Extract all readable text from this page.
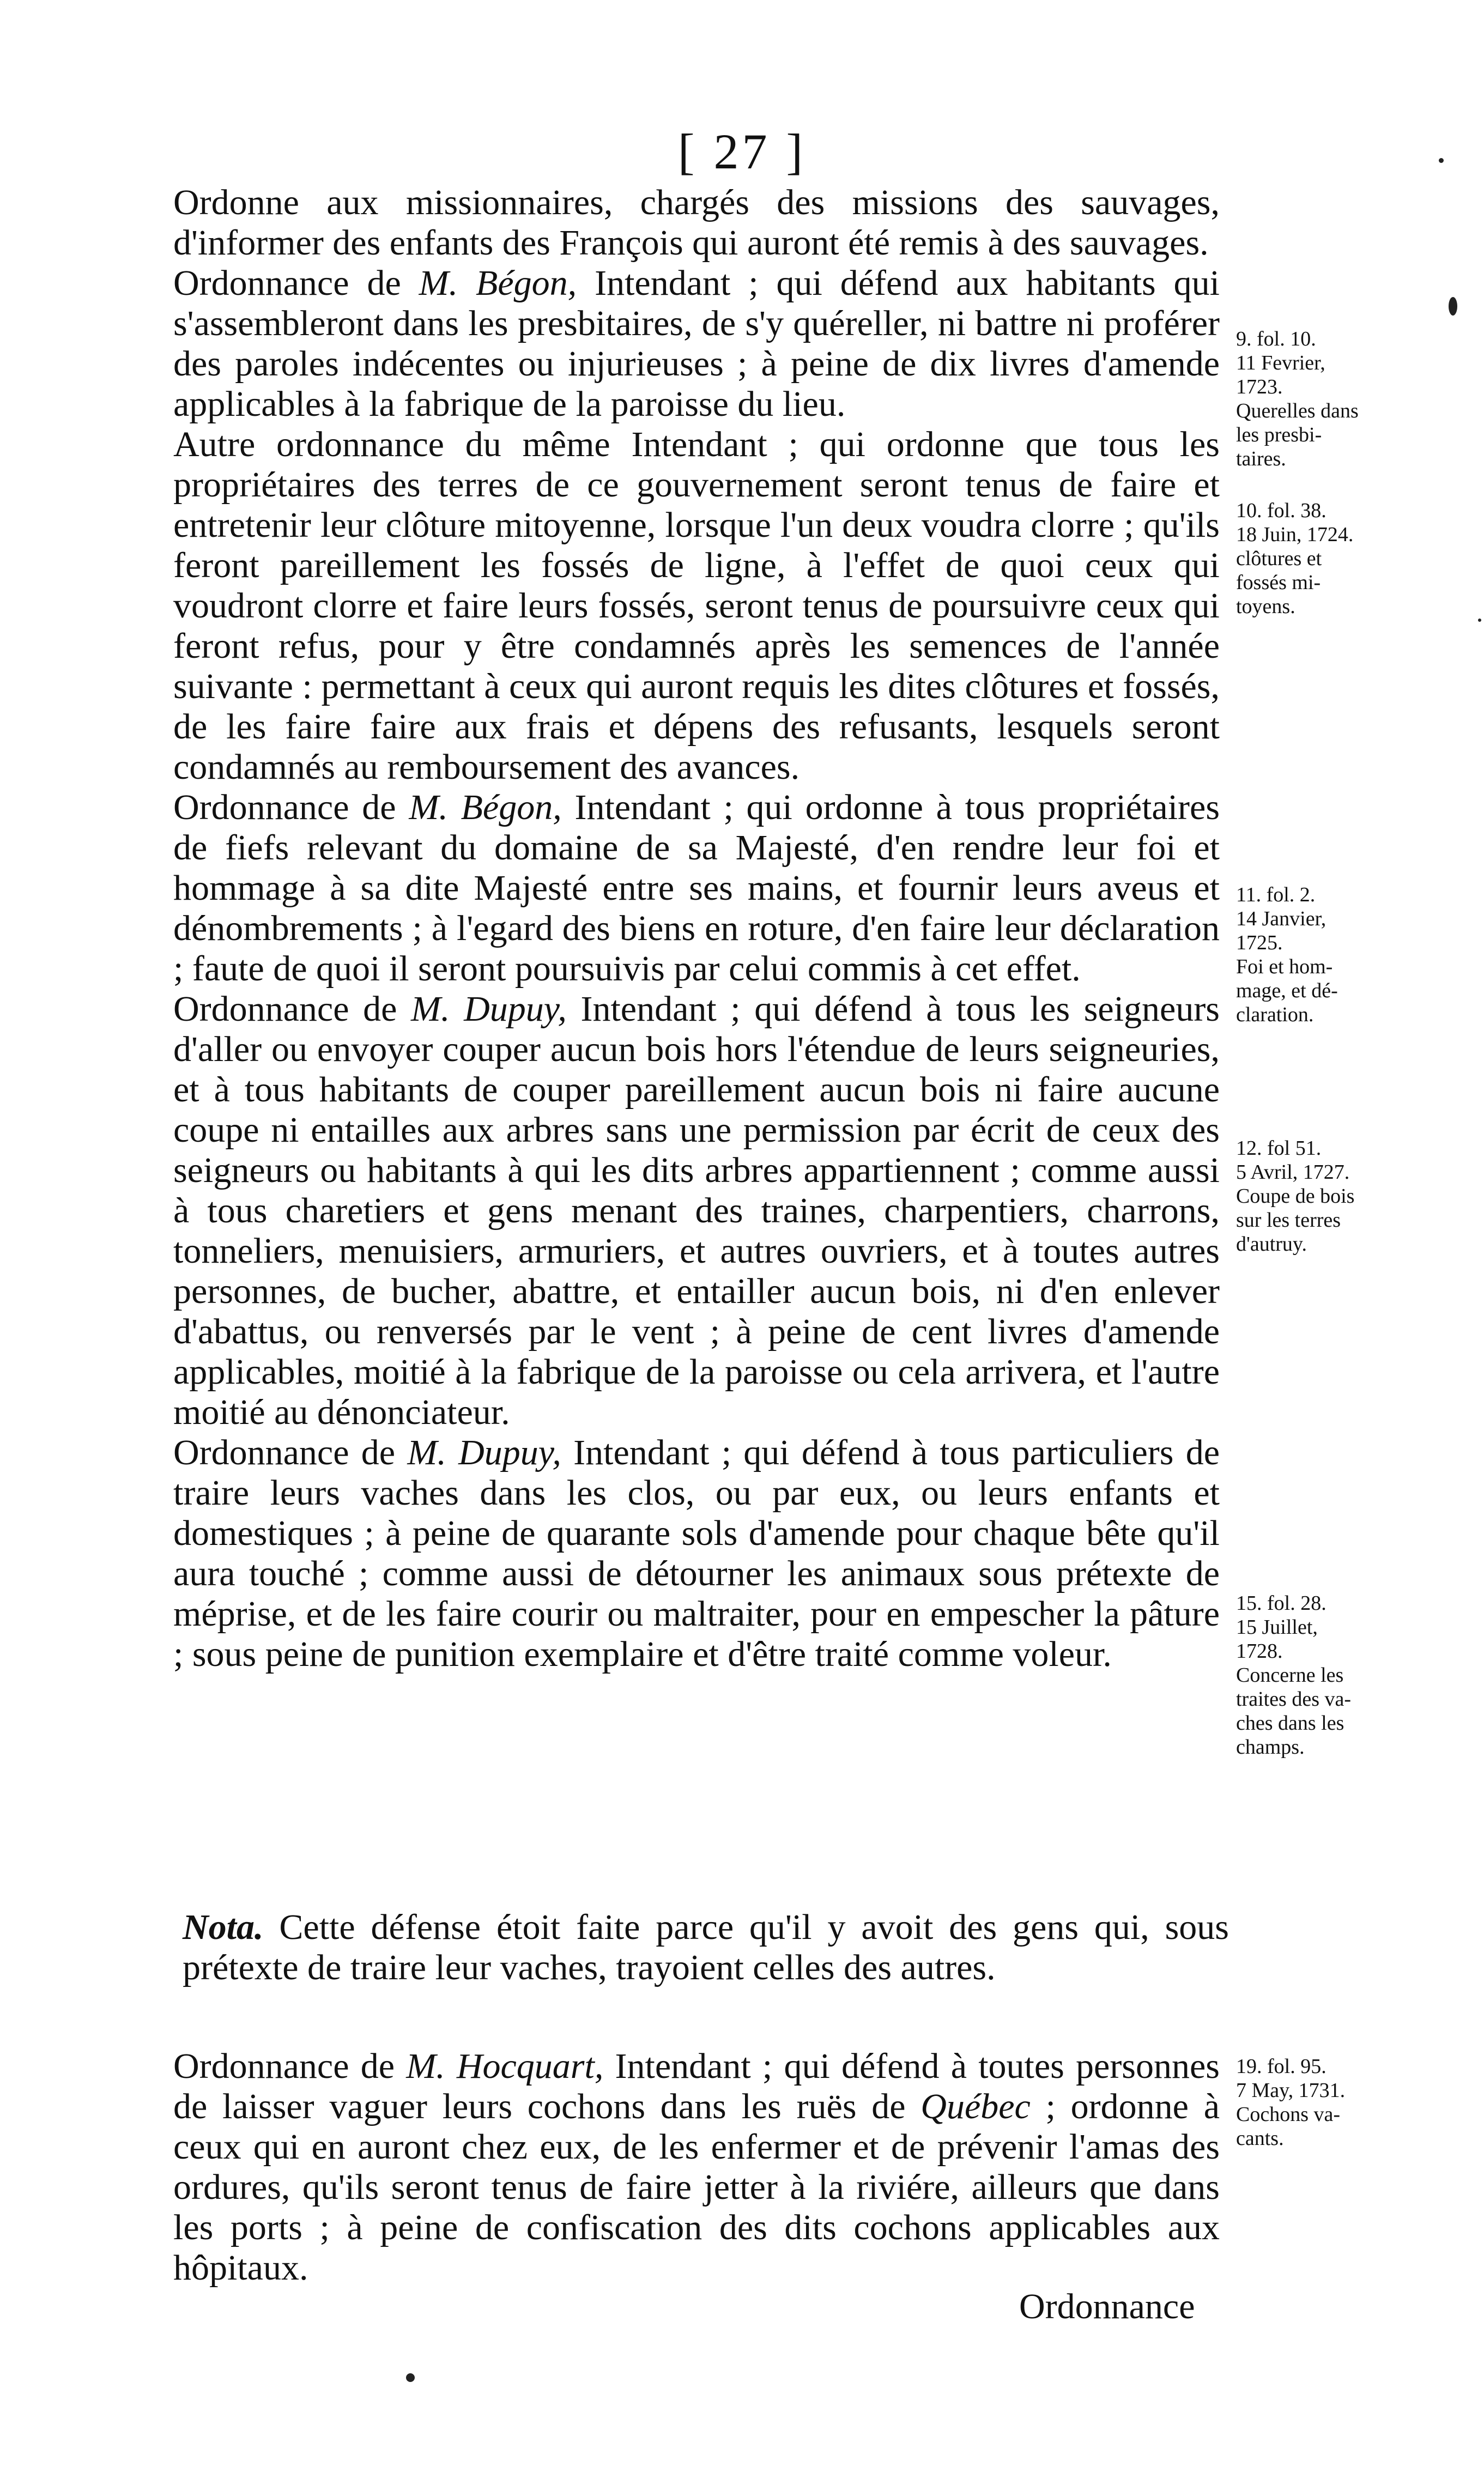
[ 27 ]

Ordonne aux missionnaires, chargés des missions des sauvages, d'informer des enfants des François qui auront été remis à des sauvages.

Ordonnance de M. Bégon, Intendant ; qui défend aux habitants qui s'assembleront dans les presbitaires, de s'y quéreller, ni battre ni proférer des paroles indécentes ou injurieuses ; à peine de dix livres d'amende applicables à la fabrique de la paroisse du lieu.

Autre ordonnance du même Intendant ; qui ordonne que tous les propriétaires des terres de ce gouvernement seront tenus de faire et entretenir leur clôture mitoyenne, lorsque l'un deux voudra clorre ; qu'ils feront pareillement les fossés de ligne, à l'effet de quoi ceux qui voudront clorre et faire leurs fossés, seront tenus de poursuivre ceux qui feront refus, pour y être condamnés après les semences de l'année suivante : permettant à ceux qui auront requis les dites clôtures et fossés, de les faire faire aux frais et dépens des refusants, lesquels seront condamnés au remboursement des avances.

Ordonnance de M. Bégon, Intendant ; qui ordonne à tous propriétaires de fiefs relevant du domaine de sa Majesté, d'en rendre leur foi et hommage à sa dite Majesté entre ses mains, et fournir leurs aveus et dénombrements ; à l'egard des biens en roture, d'en faire leur déclaration ; faute de quoi il seront poursuivis par celui commis à cet effet.

Ordonnance de M. Dupuy, Intendant ; qui défend à tous les seigneurs d'aller ou envoyer couper aucun bois hors l'étendue de leurs seigneuries, et à tous habitants de couper pareillement aucun bois ni faire aucune coupe ni entailles aux arbres sans une permission par écrit de ceux des seigneurs ou habitants à qui les dits arbres appartiennent ; comme aussi à tous charetiers et gens menant des traines, charpentiers, charrons, tonneliers, menuisiers, armuriers, et autres ouvriers, et à toutes autres personnes, de bucher, abattre, et entailler aucun bois, ni d'en enlever d'abattus, ou renversés par le vent ; à peine de cent livres d'amende applicables, moitié à la fabrique de la paroisse ou cela arrivera, et l'autre moitié au dénonciateur.

Ordonnance de M. Dupuy, Intendant ; qui défend à tous particuliers de traire leurs vaches dans les clos, ou par eux, ou leurs enfants et domestiques ; à peine de quarante sols d'amende pour chaque bête qu'il aura touché ; comme aussi de détourner les animaux sous prétexte de méprise, et de les faire courir ou maltraiter, pour en empescher la pâture ; sous peine de punition exemplaire et d'être traité comme voleur.

Nota. Cette défense étoit faite parce qu'il y avoit des gens qui, sous prétexte de traire leur vaches, trayoient celles des autres.
Ordonnance de M. Hocquart, Intendant ; qui défend à toutes personnes de laisser vaguer leurs cochons dans les ruës de Québec ; ordonne à ceux qui en auront chez eux, de les enfermer et de prévenir l'amas des ordures, qu'ils seront tenus de faire jetter à la riviére, ailleurs que dans les ports ; à peine de confiscation des dits cochons applicables aux hôpitaux.
Ordonnance
9. fol. 10.
11 Fevrier,
1723.
Querelles dans
les presbi-
taires.
10. fol. 38.
18 Juin, 1724.
clôtures et
fossés mi-
toyens.
11. fol. 2.
14 Janvier,
1725.
Foi et hom-
mage, et dé-
claration.
12. fol 51.
5 Avril, 1727.
Coupe de bois
sur les terres
d'autruy.
15. fol. 28.
15 Juillet,
1728.
Concerne les
traites des va-
ches dans les
champs.
19. fol. 95.
7 May, 1731.
Cochons va-
cants.
